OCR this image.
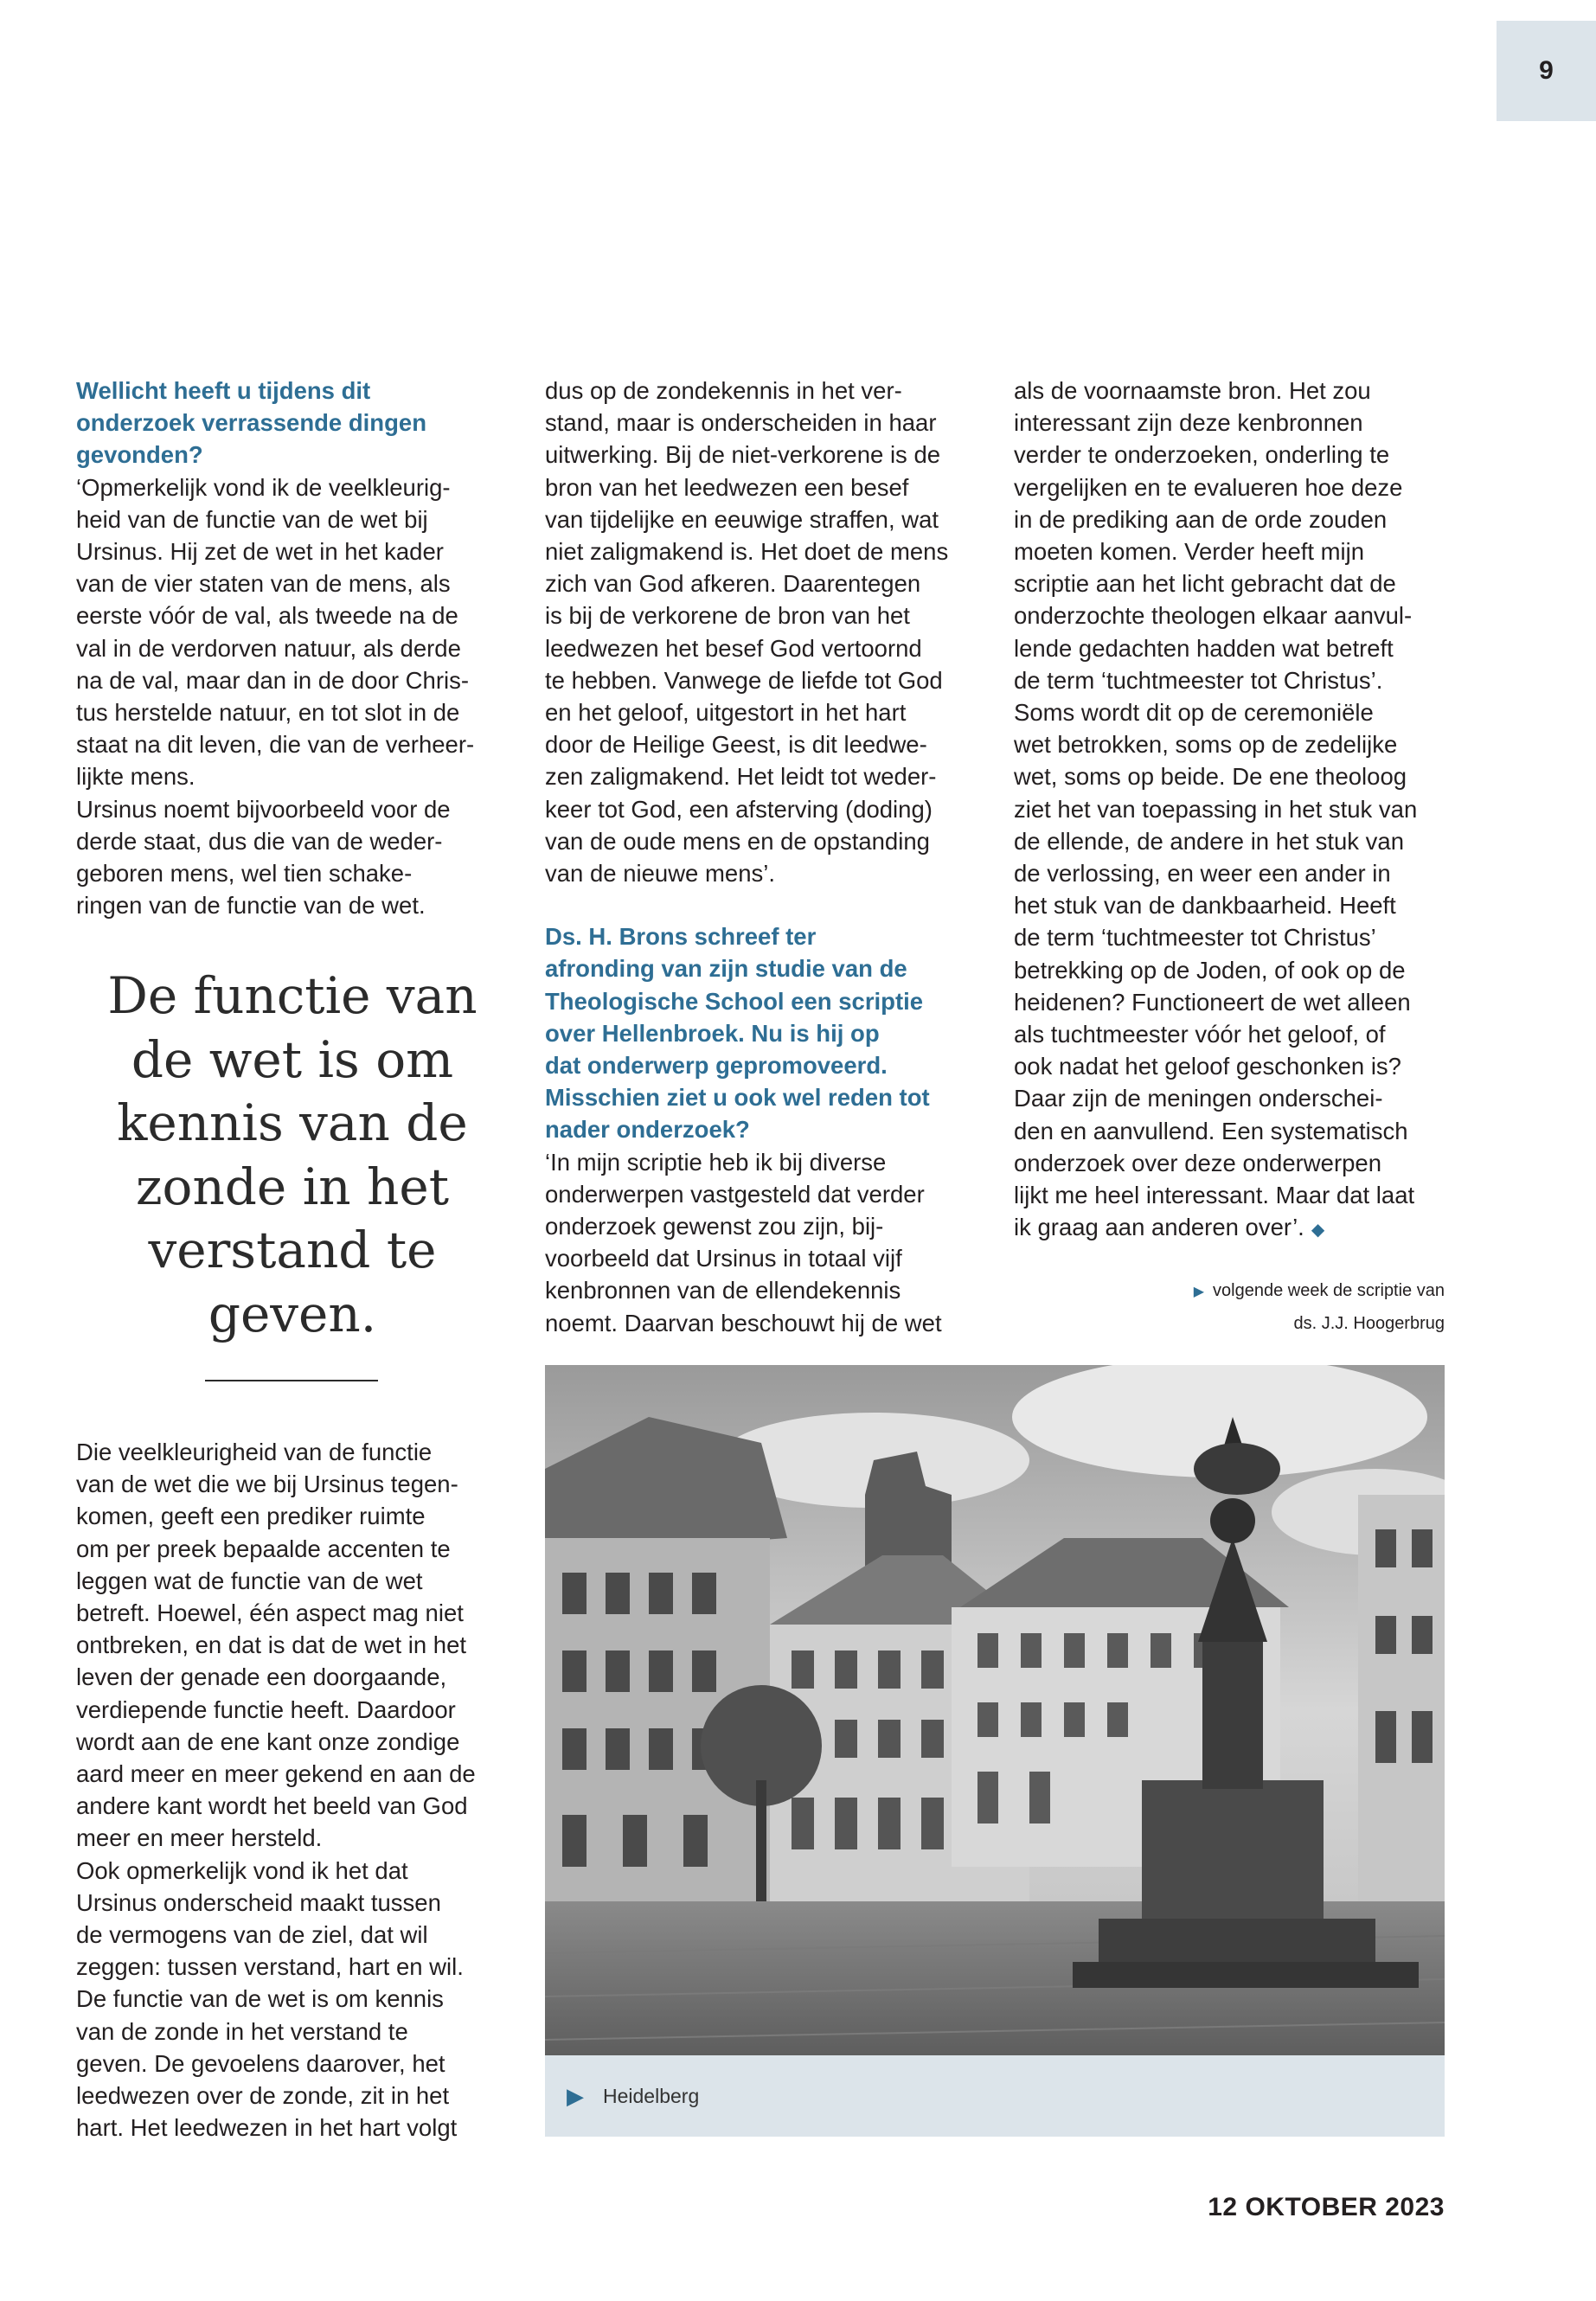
9

Wellicht heeft u tijdens dit
onderzoek verrassende dingen
gevonden?

‘Opmerkelijk vond ik de veelkleurig-
heid van de functie van de wet bij
Ursinus. Hij zet de wet in het kader
van de vier staten van de mens, als
eerste vóór de val, als tweede na de
val in de verdorven natuur, als derde
na de val, maar dan in de door Chris-
tus herstelde natuur, en tot slot in de
staat na dit leven, die van de verheer-
lijkte mens.

Ursinus noemt bijvoorbeeld voor de
derde staat, dus die van de weder-
geboren mens, wel tien schake-
ringen van de functie van de wet.

De functie van
de wet is om
kennis van de
zonde in het
verstand te
geven.

Die veelkleurigheid van de functie
van de wet die we bij Ursinus tegen-
komen, geeft een prediker ruimte
om per preek bepaalde accenten te
leggen wat de functie van de wet
betreft. Hoewel, één aspect mag niet
ontbreken, en dat is dat de wet in het
leven der genade een doorgaande,
verdiepende functie heeft. Daardoor
wordt aan de ene kant onze zondige
aard meer en meer gekend en aan de
andere kant wordt het beeld van God
meer en meer hersteld.

Ook opmerkelijk vond ik het dat
Ursinus onderscheid maakt tussen
de vermogens van de ziel, dat wil
zeggen: tussen verstand, hart en wil.
De functie van de wet is om kennis
van de zonde in het verstand te
geven. De gevoelens daarover, het
leedwezen over de zonde, zit in het
hart. Het leedwezen in het hart volgt

dus op de zondekennis in het ver-
stand, maar is onderscheiden in haar
uitwerking. Bij de niet-verkorene is de
bron van het leedwezen een besef
van tijdelijke en eeuwige straffen, wat
niet zaligmakend is. Het doet de mens
zich van God afkeren. Daarentegen
is bij de verkorene de bron van het
leedwezen het besef God vertoornd
te hebben. Vanwege de liefde tot God
en het geloof, uitgestort in het hart
door de Heilige Geest, is dit leedwe-
zen zaligmakend. Het leidt tot weder-
keer tot God, een afsterving (doding)
van de oude mens en de opstanding
van de nieuwe mens’.

Ds. H. Brons schreef ter
afronding van zijn studie van de
Theologische School een scriptie
over Hellenbroek. Nu is hij op
dat onderwerp gepromoveerd.
Misschien ziet u ook wel reden tot
nader onderzoek?

‘In mijn scriptie heb ik bij diverse
onderwerpen vastgesteld dat verder
onderzoek gewenst zou zijn, bij-
voorbeeld dat Ursinus in totaal vijf
kenbronnen van de ellendekennis
noemt. Daarvan beschouwt hij de wet

als de voornaamste bron. Het zou
interessant zijn deze kenbronnen
verder te onderzoeken, onderling te
vergelijken en te evalueren hoe deze
in de prediking aan de orde zouden
moeten komen. Verder heeft mijn
scriptie aan het licht gebracht dat de
onderzochte theologen elkaar aanvul-
lende gedachten hadden wat betreft
de term ‘tuchtmeester tot Christus’.
Soms wordt dit op de ceremoniële
wet betrokken, soms op de zedelijke
wet, soms op beide. De ene theoloog
ziet het van toepassing in het stuk van
de ellende, de andere in het stuk van
de verlossing, en weer een ander in
het stuk van de dankbaarheid. Heeft
de term ‘tuchtmeester tot Christus’
betrekking op de Joden, of ook op de
heidenen? Functioneert de wet alleen
als tuchtmeester vóór het geloof, of
ook nadat het geloof geschonken is?
Daar zijn de meningen onderschei-
den en aanvullend. Een systematisch
onderzoek over deze onderwerpen
lijkt me heel interessant. Maar dat laat
ik graag aan anderen over’. ◆

▶ volgende week de scriptie van
ds. J.J. Hoogerbrug
▶ Heidelberg
12 OKTOBER 2023
